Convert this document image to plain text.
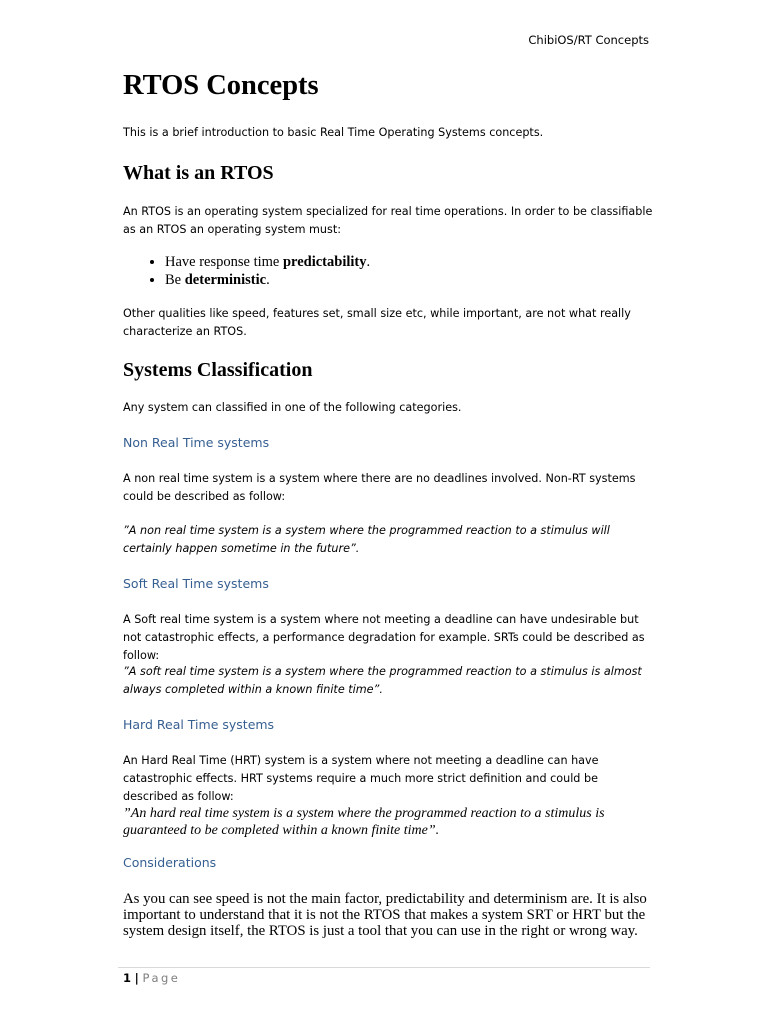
ChibiOS/RT Concepts
RTOS Concepts
This is a brief introduction to basic Real Time Operating Systems concepts.
What is an RTOS
An RTOS is an operating system specialized for real time operations. In order to be classifiable as an RTOS an operating system must:
• Have response time predictability.
• Be deterministic.
Other qualities like speed, features set, small size etc, while important, are not what really characterize an RTOS.
Systems Classification
Any system can classified in one of the following categories.
Non Real Time systems
A non real time system is a system where there are no deadlines involved. Non-RT systems could be described as follow:
”A non real time system is a system where the programmed reaction to a stimulus will certainly happen sometime in the future”.
Soft Real Time systems
A Soft real time system is a system where not meeting a deadline can have undesirable but not catastrophic effects, a performance degradation for example. SRTs could be described as follow:
”A soft real time system is a system where the programmed reaction to a stimulus is almost always completed within a known finite time”.
Hard Real Time systems
An Hard Real Time (HRT) system is a system where not meeting a deadline can have catastrophic effects. HRT systems require a much more strict definition and could be described as follow:
”An hard real time system is a system where the programmed reaction to a stimulus is guaranteed to be completed within a known finite time”.
Considerations
As you can see speed is not the main factor, predictability and determinism are. It is also important to understand that it is not the RTOS that makes a system SRT or HRT but the system design itself, the RTOS is just a tool that you can use in the right or wrong way.
1 | Page
